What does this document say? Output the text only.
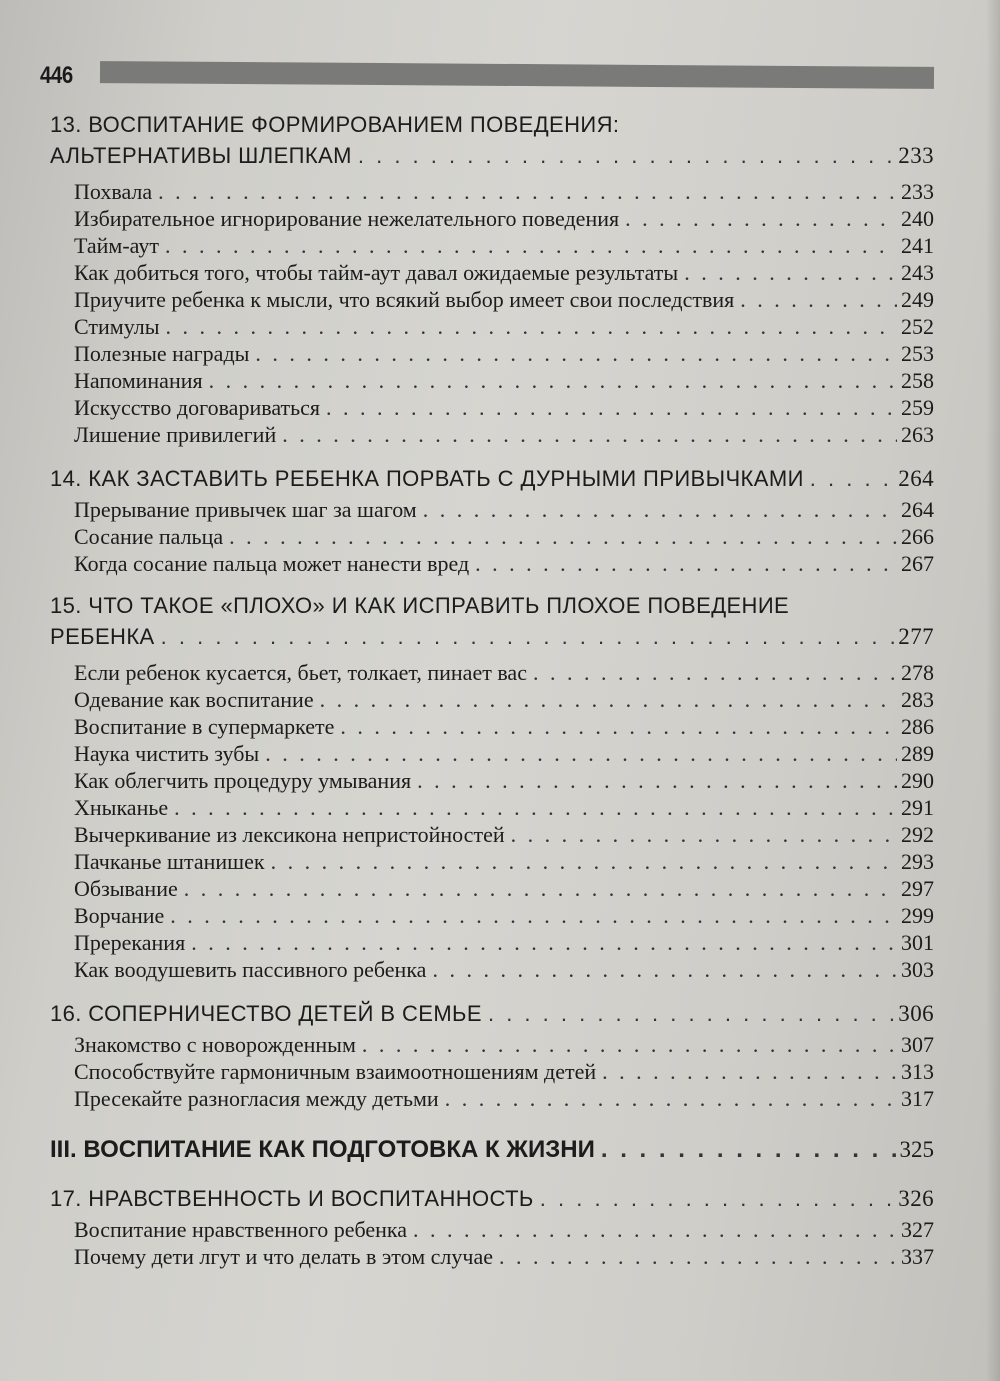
446
13. ВОСПИТАНИЕ ФОРМИРОВАНИЕМ ПОВЕДЕНИЯ:
АЛЬТЕРНАТИВЫ ШЛЕПКАМ . . .	233
Похвала . . .	233
Избирательное игнорирование нежелательного поведения . . .	240
Тайм-аут . . .	241
Как добиться того, чтобы тайм-аут давал ожидаемые результаты . . .	243
Приучите ребенка к мысли, что всякий выбор имеет свои последствия . . .	249
Стимулы . . .	252
Полезные награды . . .	253
Напоминания . . .	258
Искусство договариваться . . .	259
Лишение привилегий . . .	263
14. КАК ЗАСТАВИТЬ РЕБЕНКА ПОРВАТЬ С ДУРНЫМИ ПРИВЫЧКАМИ . . .	264
Прерывание привычек шаг за шагом . . .	264
Сосание пальца . . .	266
Когда сосание пальца может нанести вред . . .	267
15. ЧТО ТАКОЕ «ПЛОХО» И КАК ИСПРАВИТЬ ПЛОХОЕ ПОВЕДЕНИЕ
РЕБЕНКА . . .	277
Если ребенок кусается, бьет, толкает, пинает вас . . .	278
Одевание как воспитание . . .	283
Воспитание в супермаркете . . .	286
Наука чистить зубы . . .	289
Как облегчить процедуру умывания . . .	290
Хныканье . . .	291
Вычеркивание из лексикона непристойностей . . .	292
Пачканье штанишек . . .	293
Обзывание . . .	297
Ворчание . . .	299
Пререкания . . .	301
Как воодушевить пассивного ребенка . . .	303
16. СОПЕРНИЧЕСТВО ДЕТЕЙ В СЕМЬЕ . . .	306
Знакомство с новорожденным . . .	307
Способствуйте гармоничным взаимоотношениям детей . . .	313
Пресекайте разногласия между детьми . . .	317
III. ВОСПИТАНИЕ КАК ПОДГОТОВКА К ЖИЗНИ . . .	325
17. НРАВСТВЕННОСТЬ И ВОСПИТАННОСТЬ . . .	326
Воспитание нравственного ребенка . . .	327
Почему дети лгут и что делать в этом случае . . .	337
